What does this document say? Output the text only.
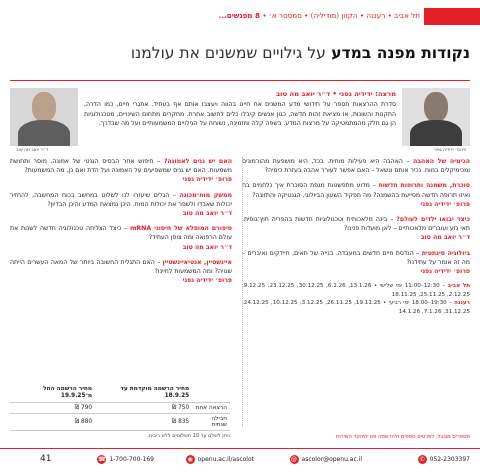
תל אביב • רעננה • הקזון (מודיליה) • סמסטר א׳ • 8 מפגשים...
נקודות מפנה במדע על גילויים שמשנים את עולמנו
פרופ׳ ידידיה גפני
ד״ר יואב מה טוב
מרצה: ידידיה גפני • ד״ר יואב מה טוב
סדרת ההרצאות תספר על חידושי מדע המשנים את חיינו בהווה ויעצבו אותם אף בעתיד. אתגרי חיים, כמו הדרה, התקנות והשונות, או מציאת זהות חדשה, כגון אנשים קיבלו כלים לחשוב אחרת. מחקרים מתחום השינויים, מטכנולוגיות הן גם חלק מהמתמטיקה על מרצות המדע. בשפה קלה ומזמינה, נשוחח על הגילויים המשמעותיים ועל מה שבדרך.
הכימיה של האהבה – האהבה היא פעילות מוחית. בכל, היא מושפעת מהורמונים ומכימיקלים במוח. נכיר אותם ונשאל – האם אפשר לעורר אהבה בעזרת כימיה?
סוכרת, משמנה ותרופות חדשות – מדוע מתפשטות מגפת הסוכרת איך נלחמים בה ואיזו תרופה חדשה מסייעת בהשמנה? מה תפקיד השעון הביולוגי, הגנטיקה והתזונה?
פרופ׳ ידידיה גפני
כיצד יבואו ילדים לעולם? – בינה מלאכותית וטכנולוגיות חדשות בהפריה חוץ־גופית. תאי גזע ועוברים מלאכותיים – לאן מועדות פנינו?
ד״ר יואב מה טוב
ביולוגיה סינתטית – הנדסת חיים חדשים במעבדה. בנייה של תאים, חיידקים ואיברים – מה זה אומר על עתידנו?
פרופ׳ ידידיה גפני
תל אביב – 12:30–11:00 ימי שלישי • 13.1.26, 6.1.26, 30.12.25, 23.12.25, 9.12.25, 2.12.25, 25.11.25, 18.11.25
רעננה – 19:30–18:00 ימי רביעי • 19.11.25, 26.11.25, 3.12.25, 10.12.25, 24.12.25, 31.12.25, 7.1.26, 14.1.26
האם יש גנים לאמונה? – חיפוש אחר הבסיס הגנטי של אמונה, מוסר ותחושת משמעות. האם יש גנים שמשפיעים על האמונה ועל הדת ואם כן, מה המשמעות?
פרופ׳ ידידיה גפני
ממשק מוח־מכונה – הגלים שיעזרו לנו לשלוט במחשב בכוח המחשבה, להחזיר יכולות שאבדו ולשפר את יכולות המוח. היכן נמצאת המדע והיכן הבדיון?
ד״ר יואב מה טוב
סיפורם המופלא של חיסוני mRNA – כיצד הצליחה טכנולוגיה חדשה לשנות את עולם הרפואה ומה צופן העתיד?
ד״ר יואב מה טוב
איינשטיין, אנטיאיינשטיין – האם התגלית החשובה ביותר של המאה העשרים הייתה שגויה? ומה המשמעות לחיינו?
פרופ׳ ידידיה גפני
	מחיר הרשמה מוקדמת עד 18.9.25	מחיר הרשמה החל מ־19.9.25
הרצאה אחת	750 ₪	790 ₪
חבילה שנתית	835 ₪	880 ₪
ניתן לשלם עד 10 תשלומים ללא ריבית.	מספרים מוגבל. לפרטים נוספים ולהרשמה פנו למוקד השירות
41	✆ 052-2303397
@ ascolor@openu.ac.il
◉ openu.ac.il/ascolot
☎ 1-700-700-169
